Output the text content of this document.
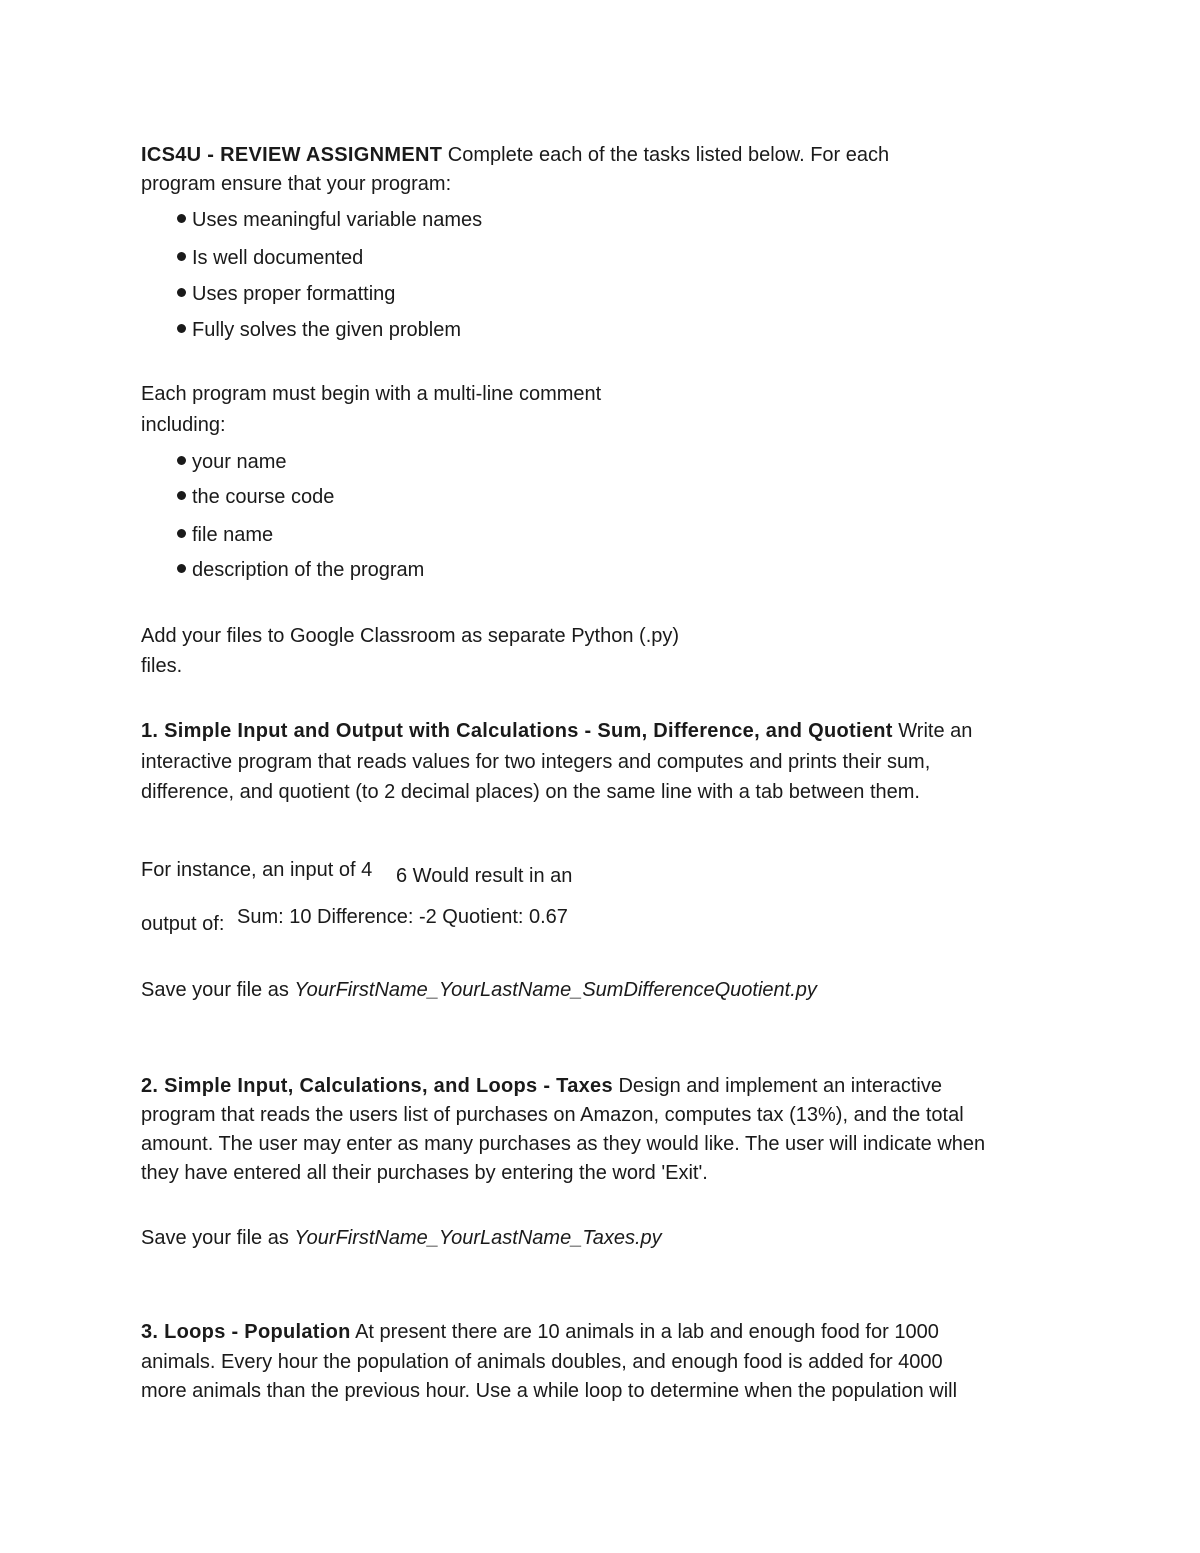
ICS4U - REVIEW ASSIGNMENT Complete each of the tasks listed below. For each
program ensure that your program:
Uses meaningful variable names
Is well documented
Uses proper formatting
Fully solves the given problem
Each program must begin with a multi-line comment
including:
your name
the course code
file name
description of the program
Add your files to Google Classroom as separate Python (.py)
files.
1. Simple Input and Output with Calculations - Sum, Difference, and Quotient Write an
interactive program that reads values for two integers and computes and prints their sum,
difference, and quotient (to 2 decimal places) on the same line with a tab between them.
For instance, an input of 4 6 Would result in an
output of: Sum: 10 Difference: -2 Quotient: 0.67
Save your file as YourFirstName_YourLastName_SumDifferenceQuotient.py
2. Simple Input, Calculations, and Loops - Taxes Design and implement an interactive
program that reads the users list of purchases on Amazon, computes tax (13%), and the total
amount. The user may enter as many purchases as they would like. The user will indicate when
they have entered all their purchases by entering the word 'Exit'.
Save your file as YourFirstName_YourLastName_Taxes.py
3. Loops - Population At present there are 10 animals in a lab and enough food for 1000
animals. Every hour the population of animals doubles, and enough food is added for 4000
more animals than the previous hour. Use a while loop to determine when the population will
